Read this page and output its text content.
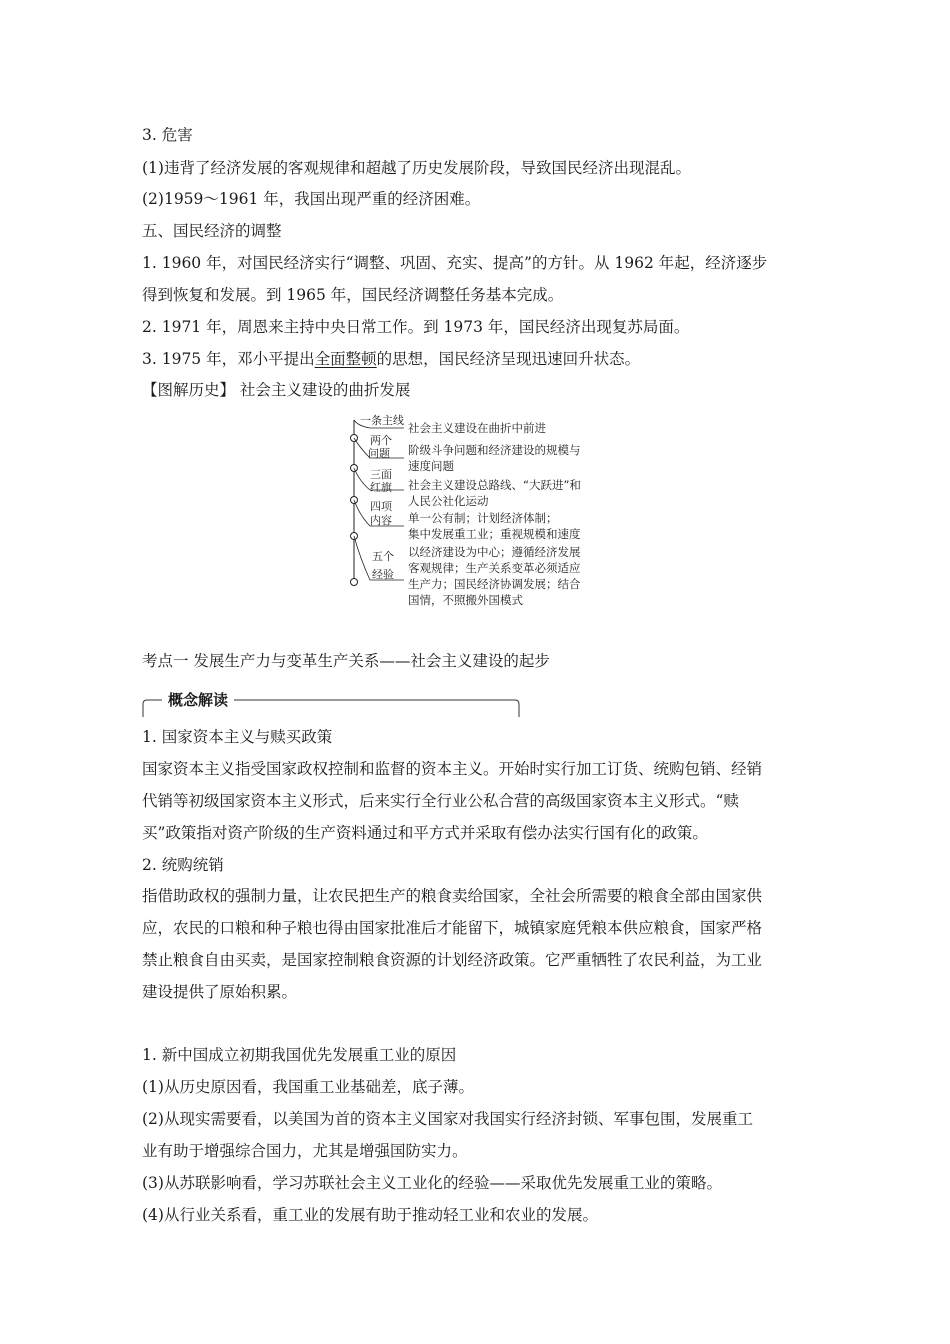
3. 危害
(1)违背了经济发展的客观规律和超越了历史发展阶段，导致国民经济出现混乱。
(2)1959～1961 年，我国出现严重的经济困难。
五、国民经济的调整
1. 1960 年，对国民经济实行“调整、巩固、充实、提高”的方针。从 1962 年起，经济逐步
得到恢复和发展。到 1965 年，国民经济调整任务基本完成。
2. 1971 年，周恩来主持中央日常工作。到 1973 年，国民经济出现复苏局面。
3. 1975 年，邓小平提出全面整顿的思想，国民经济呈现迅速回升状态。
【图解历史】 社会主义建设的曲折发展
一条主线
社会主义建设在曲折中前进
两个
问题 阶级斗争问题和经济建设的规模与
速度问题
三面
红旗 社会主义建设总路线、“大跃进”和
人民公社化运动
四项
内容 单一公有制；计划经济体制；
集中发展重工业；重视规模和速度
五个
经验
以经济建设为中心；遵循经济发展
客观规律；生产关系变革必须适应
生产力；国民经济协调发展；结合
国情，不照搬外国模式
考点一 发展生产力与变革生产关系——社会主义建设的起步
概念解读
1. 国家资本主义与赎买政策
国家资本主义指受国家政权控制和监督的资本主义。开始时实行加工订货、统购包销、经销
代销等初级国家资本主义形式，后来实行全行业公私合营的高级国家资本主义形式。“赎
买”政策指对资产阶级的生产资料通过和平方式并采取有偿办法实行国有化的政策。
2. 统购统销
指借助政权的强制力量，让农民把生产的粮食卖给国家，全社会所需要的粮食全部由国家供
应，农民的口粮和种子粮也得由国家批准后才能留下，城镇家庭凭粮本供应粮食，国家严格
禁止粮食自由买卖，是国家控制粮食资源的计划经济政策。它严重牺牲了农民利益，为工业
建设提供了原始积累。
1. 新中国成立初期我国优先发展重工业的原因
(1)从历史原因看，我国重工业基础差，底子薄。
(2)从现实需要看，以美国为首的资本主义国家对我国实行经济封锁、军事包围，发展重工
业有助于增强综合国力，尤其是增强国防实力。
(3)从苏联影响看，学习苏联社会主义工业化的经验——采取优先发展重工业的策略。
(4)从行业关系看，重工业的发展有助于推动轻工业和农业的发展。
